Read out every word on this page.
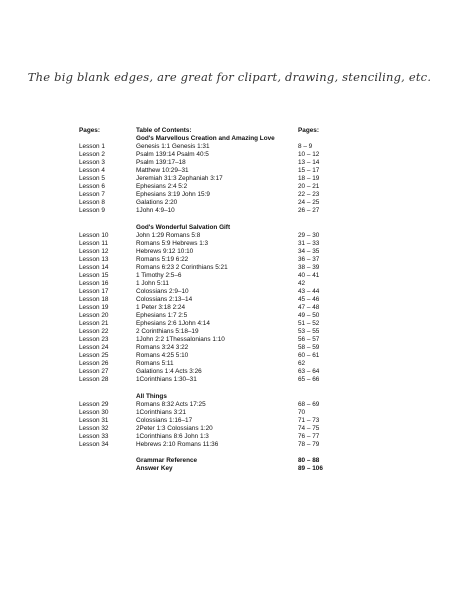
The big blank edges, are great for clipart, drawing, stenciling, etc.
Pages:	Table of Contents:	Pages:
God's Marvellous Creation and Amazing Love
Lesson 1	Genesis 1:1 Genesis 1:31	8 – 9
Lesson 2	Psalm 139:14 Psalm 40:5	10 – 12
Lesson 3	Psalm 139:17–18	13 – 14
Lesson 4	Matthew 10:29–31	15 – 17
Lesson 5	Jeremiah 31:3 Zephaniah 3:17	18 – 19
Lesson 6	Ephesians 2:4 5:2	20 – 21
Lesson 7	Ephesians 3:19 John 15:9	22 – 23
Lesson 8	Galations 2:20	24 – 25
Lesson 9	1John 4:9–10	26 – 27
God's Wonderful Salvation Gift
Lesson 10	John 1:29 Romans 5:8	29 – 30
Lesson 11	Romans 5:9 Hebrews 1:3	31 – 33
Lesson 12	Hebrews 9:12 10:10	34 – 35
Lesson 13	Romans 5:19 6:22	36 – 37
Lesson 14	Romans 6:23 2 Corinthians 5:21	38 – 39
Lesson 15	1 Timothy 2:5–6	40 – 41
Lesson 16	1 John 5:11	42
Lesson 17	Colossians 2:9–10	43 – 44
Lesson 18	Colossians 2:13–14	45 – 46
Lesson 19	1 Peter 3:18 2:24	47 – 48
Lesson 20	Ephesians 1:7 2:5	49 – 50
Lesson 21	Ephesians 2:6 1John 4:14	51 – 52
Lesson 22	2 Corinthians 5:18–19	53 – 55
Lesson 23	1John 2:2 1Thessalonians 1:10	56 – 57
Lesson 24	Romans 3:24 3:22	58 – 59
Lesson 25	Romans 4:25 5:10	60 – 61
Lesson 26	Romans 5:11	62
Lesson 27	Galations 1:4 Acts 3:26	63 – 64
Lesson 28	1Corinthians 1:30–31	65 – 66
All Things
Lesson 29	Romans 8:32 Acts 17:25	68 – 69
Lesson 30	1Corinthians 3:21	70
Lesson 31	Colossians 1:16–17	71 – 73
Lesson 32	2Peter 1:3 Colossians 1:20	74 – 75
Lesson 33	1Corinthians 8:6 John 1:3	76 – 77
Lesson 34	Hebrews 2:10 Romans 11:36	78 – 79
Grammar Reference	80 – 88
Answer Key	89 – 106
